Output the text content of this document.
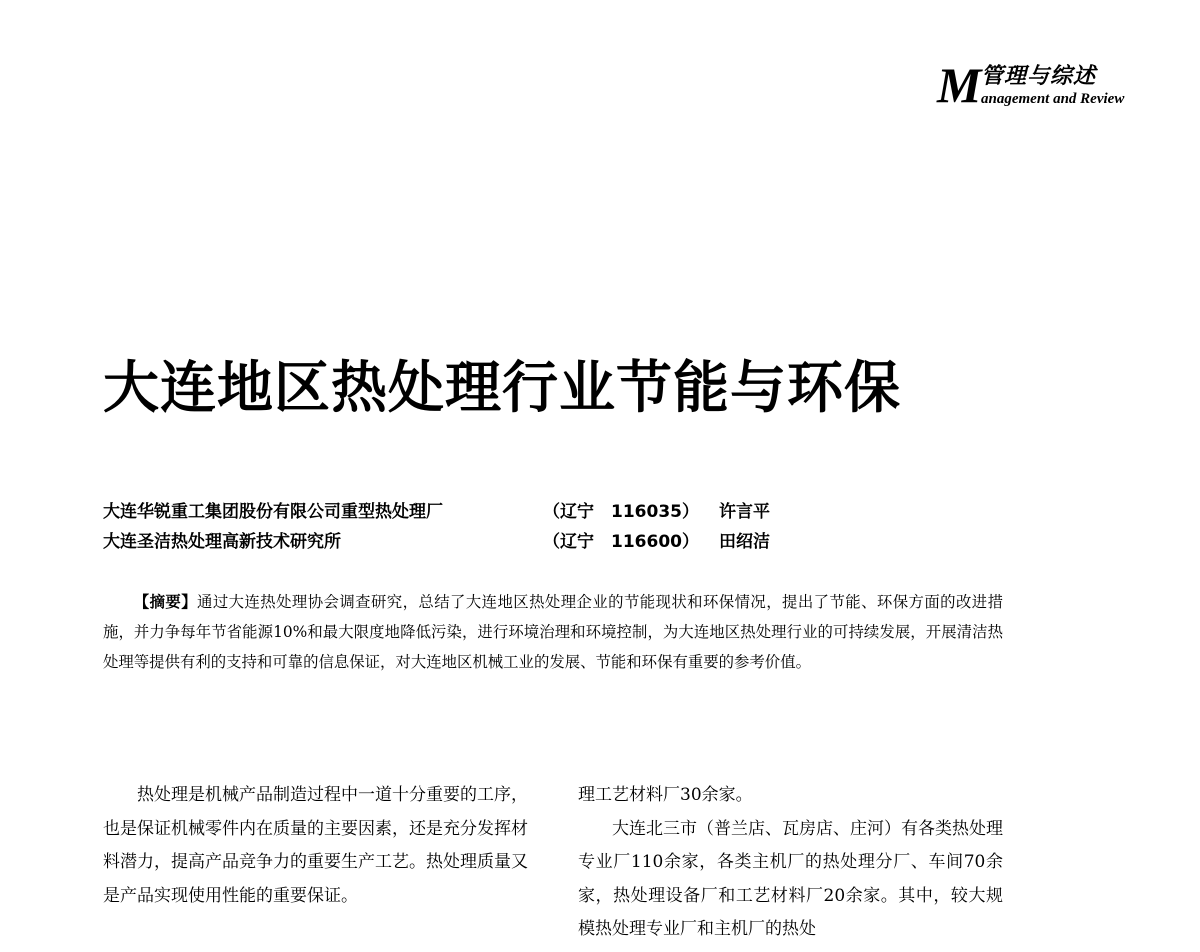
M 管理与综述
anagement and Review
大连地区热处理行业节能与环保
大连华锐重工集团股份有限公司重型热处理厂	（辽宁　116035） 许言平
大连圣洁热处理高新技术研究所	（辽宁　116600） 田绍洁
【摘要】通过大连热处理协会调查研究，总结了大连地区热处理企业的节能现状和环保情况，提出了节能、环保方面的改进措施，并力争每年节省能源10%和最大限度地降低污染，进行环境治理和环境控制，为大连地区热处理行业的可持续发展，开展清洁热处理等提供有利的支持和可靠的信息保证，对大连地区机械工业的发展、节能和环保有重要的参考价值。

热处理是机械产品制造过程中一道十分重要的工序，也是保证机械零件内在质量的主要因素，还是充分发挥材料潜力，提高产品竞争力的重要生产工艺。热处理质量又是产品实现使用性能的重要保证。

理工艺材料厂30余家。

大连北三市（普兰店、瓦房店、庄河）有各类热处理专业厂110余家，各类主机厂的热处理分厂、车间70余家，热处理设备厂和工艺材料厂20余家。其中，较大规模热处理专业厂和主机厂的热处
